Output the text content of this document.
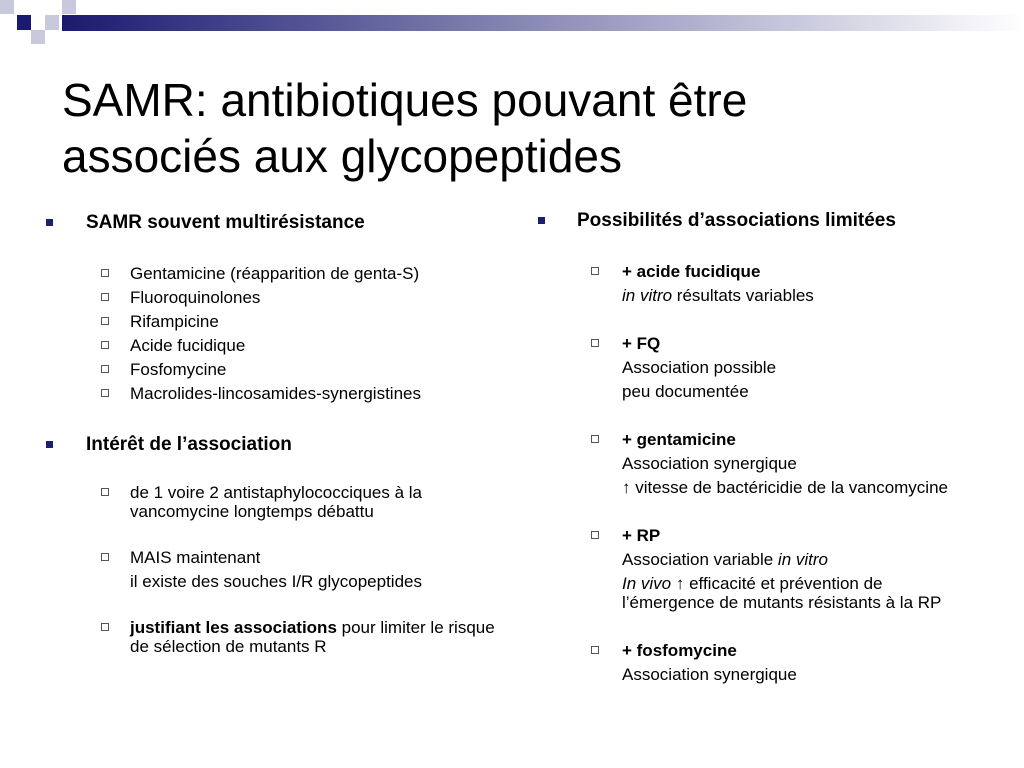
SAMR: antibiotiques pouvant être
associés aux glycopeptides
SAMR souvent multirésistance
Gentamicine (réapparition de genta-S)
Fluoroquinolones
Rifampicine
Acide fucidique
Fosfomycine
Macrolides-lincosamides-synergistines
Intérêt de l’association
de 1 voire 2 antistaphylococciques à la vancomycine longtemps débattu
MAIS maintenant
il existe des souches I/R glycopeptides
justifiant les associations pour limiter le risque de sélection de mutants R
Possibilités d’associations limitées
+ acide fucidique
in vitro résultats variables
+ FQ
Association possible
peu documentée
+ gentamicine
Association synergique
↑ vitesse de bactéricidie de la vancomycine
+ RP
Association variable in vitro
In vivo ↑ efficacité et prévention de l’émergence de mutants résistants à la RP
+ fosfomycine
Association synergique
